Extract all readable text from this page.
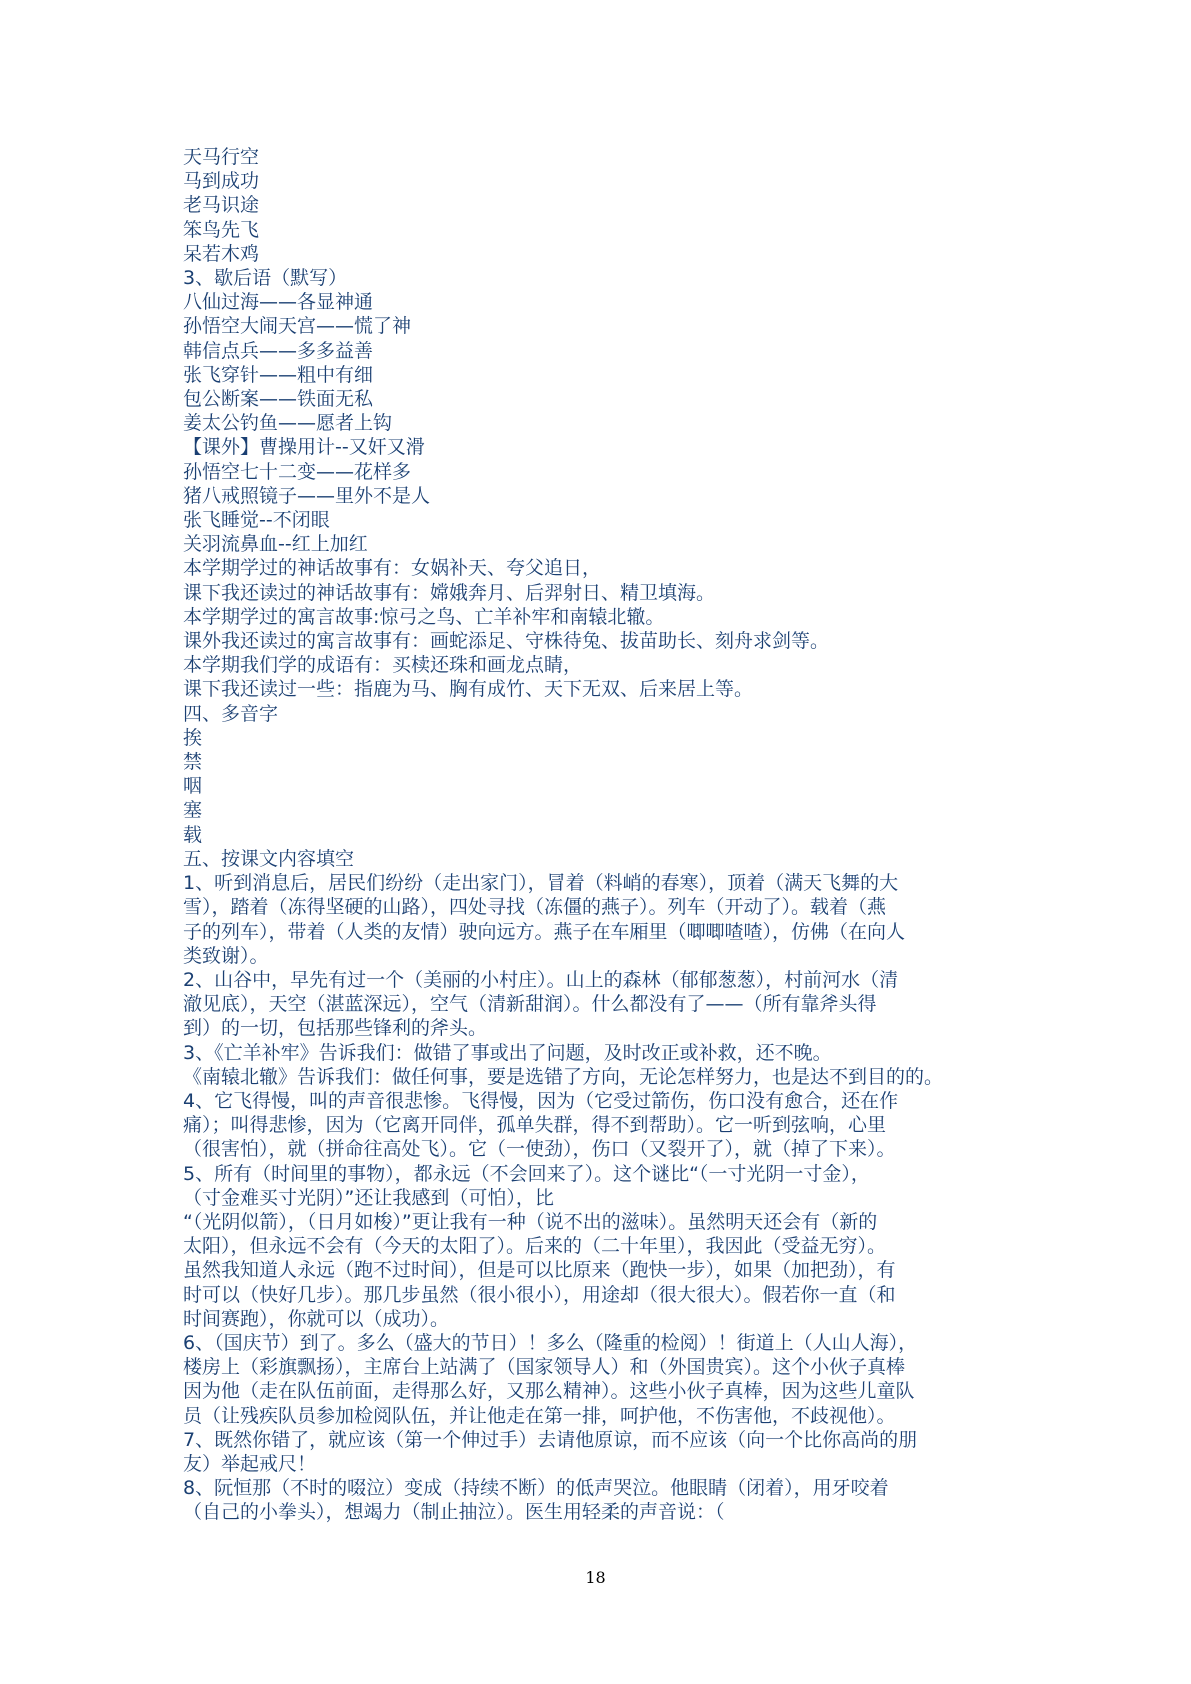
天马行空
马到成功
老马识途
笨鸟先飞
呆若木鸡
3、歇后语（默写）
八仙过海——各显神通
孙悟空大闹天宫——慌了神
韩信点兵——多多益善
张飞穿针——粗中有细
包公断案——铁面无私
姜太公钓鱼——愿者上钩
【课外】曹操用计--又奸又滑
孙悟空七十二变——花样多
猪八戒照镜子——里外不是人
张飞睡觉--不闭眼
关羽流鼻血--红上加红
本学期学过的神话故事有：女娲补天、夸父追日，
课下我还读过的神话故事有：嫦娥奔月、后羿射日、精卫填海。
本学期学过的寓言故事:惊弓之鸟、亡羊补牢和南辕北辙。
课外我还读过的寓言故事有：画蛇添足、守株待兔、拔苗助长、刻舟求剑等。
本学期我们学的成语有：买椟还珠和画龙点睛，
课下我还读过一些：指鹿为马、胸有成竹、天下无双、后来居上等。
四、多音字
挨
禁
咽
塞
载
五、按课文内容填空
1、听到消息后，居民们纷纷（走出家门），冒着（料峭的春寒），顶着（满天飞舞的大
雪），踏着（冻得坚硬的山路），四处寻找（冻僵的燕子）。列车（开动了）。载着（燕
子的列车），带着（人类的友情）驶向远方。燕子在车厢里（唧唧喳喳），仿佛（在向人
类致谢）。
2、山谷中，早先有过一个（美丽的小村庄）。山上的森林（郁郁葱葱），村前河水（清
澈见底），天空（湛蓝深远），空气（清新甜润）。什么都没有了——（所有靠斧头得
到）的一切，包括那些锋利的斧头。
3、《亡羊补牢》告诉我们：做错了事或出了问题，及时改正或补救，还不晚。
《南辕北辙》告诉我们：做任何事，要是选错了方向，无论怎样努力，也是达不到目的的。
4、它飞得慢，叫的声音很悲惨。飞得慢，因为（它受过箭伤，伤口没有愈合，还在作
痛）；叫得悲惨，因为（它离开同伴，孤单失群，得不到帮助）。它一听到弦响，心里
（很害怕），就（拼命往高处飞）。它（一使劲），伤口（又裂开了），就（掉了下来）。
5、所有（时间里的事物），都永远（不会回来了）。这个谜比“（一寸光阴一寸金），
（寸金难买寸光阴）”还让我感到（可怕），比
“（光阴似箭），（日月如梭）”更让我有一种（说不出的滋味）。虽然明天还会有（新的
太阳），但永远不会有（今天的太阳了）。后来的（二十年里），我因此（受益无穷）。
虽然我知道人永远（跑不过时间），但是可以比原来（跑快一步），如果（加把劲），有
时可以（快好几步）。那几步虽然（很小很小），用途却（很大很大）。假若你一直（和
时间赛跑），你就可以（成功）。
6、（国庆节）到了。多么（盛大的节日）！多么（隆重的检阅）！街道上（人山人海），
楼房上（彩旗飘扬），主席台上站满了（国家领导人）和（外国贵宾）。这个小伙子真棒
因为他（走在队伍前面，走得那么好，又那么精神）。这些小伙子真棒，因为这些儿童队
员（让残疾队员参加检阅队伍，并让他走在第一排，呵护他，不伤害他，不歧视他）。
7、既然你错了，就应该（第一个伸过手）去请他原谅，而不应该（向一个比你高尚的朋
友）举起戒尺！
8、阮恒那（不时的啜泣）变成（持续不断）的低声哭泣。他眼睛（闭着），用牙咬着
（自己的小拳头），想竭力（制止抽泣）。医生用轻柔的声音说：（
18
